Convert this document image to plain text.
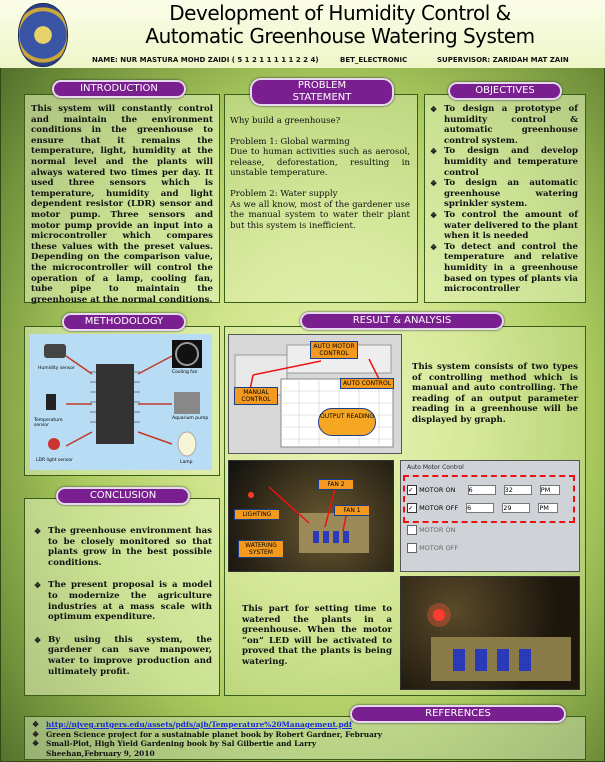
Development of Humidity Control &
Automatic Greenhouse Watering System
NAME: NUR MASTURA MOHD ZAIDI ( 5 1 2 1 1 1 1 1 2 2 4)	BET_ELECTRONIC	SUPERVISOR: ZARIDAH MAT ZAIN
INTRODUCTION
This system will constantly control and maintain the environment conditions in the greenhouse to ensure that it remains the temperature, light, humidity at the normal level and the plants will always watered two times per day. It used three sensors which is temperature, humidity and light dependent resistor (LDR) sensor and motor pump. Three sensors and motor pump provide an input into a microcontroller which compares these values with the preset values. Depending on the comparison value, the microcontroller will control the operation of a lamp, cooling fan, tube pipe to maintain the greenhouse at the normal conditions.
PROBLEM
STATEMENT
Why build a greenhouse?
Problem 1: Global warming
Due to human activities such as aerosol, release, deforestation, resulting in unstable temperature.
Problem 2: Water supply
As we all know, most of the gardener use the manual system to water their plant but this system is inefficient.
OBJECTIVES
❖ To design a prototype of humidity control & automatic greenhouse control system.
❖ To design and develop humidity and temperature control
❖ To design an automatic greenhouse watering sprinkler system.
❖ To control the amount of water delivered to the plant when it is needed
❖ To detect and control the temperature and relative humidity in a greenhouse based on types of plants via microcontroller
METHODOLOGY
Humidity sensor
Temperature sensor
LDR light sensor
Cooling fan
Aquarium pump
Lamp
RESULT & ANALYSIS
AUTO MOTOR CONTROL
MANUAL CONTROL
AUTO CONTROL
OUTPUT READING
This system consists of two types of controlling method which is manual and auto controlling. The reading of an output parameter reading in a greenhouse will be displayed by graph.
FAN 2
FAN 1
LIGHTING
WATERING SYSTEM
Auto Motor Control
✓ MOTOR ON 6	32	PM
✓ MOTOR OFF 6	29	PM
MOTOR ON
MOTOR OFF
This part for setting time to watered the plants in a greenhouse. When the motor “on” LED will be activated to proved that the plants is being watering.
CONCLUSION
❖ The greenhouse environment has to be closely monitored so that plants grow in the best possible conditions.
❖ The present proposal is a model to modernize the agriculture industries at a mass scale with optimum expenditure.
❖ By using this system, the gardener can save manpower, water to improve production and ultimately profit.
REFERENCES
❖ http://njveg.rutgers.edu/assets/pdfs/ajb/Temperature%20Management.pdf
❖ Green Science project for a sustainable planet book by Robert Gardner, February
❖ Small-Plot, High Yield Gardening book by Sal Gilbertie and Larry Sheehan,February 9, 2010
